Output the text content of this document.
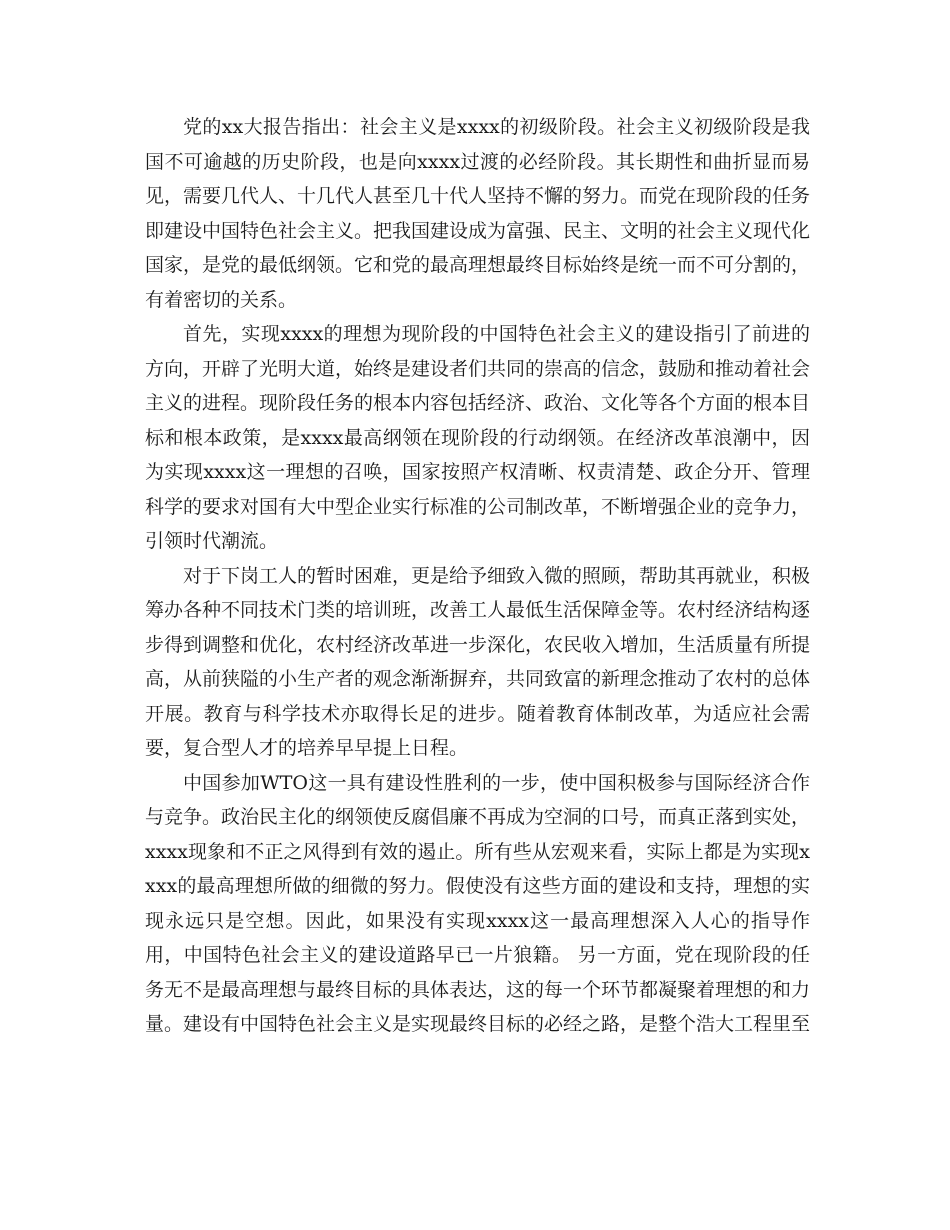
党的xx大报告指出：社会主义是xxxx的初级阶段。社会主义初级阶段是我国不可逾越的历史阶段，也是向xxxx过渡的必经阶段。其长期性和曲折显而易见，需要几代人、十几代人甚至几十代人坚持不懈的努力。而党在现阶段的任务即建设中国特色社会主义。把我国建设成为富强、民主、文明的社会主义现代化国家，是党的最低纲领。它和党的最高理想最终目标始终是统一而不可分割的，有着密切的关系。

首先，实现xxxx的理想为现阶段的中国特色社会主义的建设指引了前进的方向，开辟了光明大道，始终是建设者们共同的崇高的信念，鼓励和推动着社会主义的进程。现阶段任务的根本内容包括经济、政治、文化等各个方面的根本目标和根本政策，是xxxx最高纲领在现阶段的行动纲领。在经济改革浪潮中，因为实现xxxx这一理想的召唤，国家按照产权清晰、权责清楚、政企分开、管理科学的要求对国有大中型企业实行标准的公司制改革，不断增强企业的竞争力，引领时代潮流。

对于下岗工人的暂时困难，更是给予细致入微的照顾，帮助其再就业，积极筹办各种不同技术门类的培训班，改善工人最低生活保障金等。农村经济结构逐步得到调整和优化，农村经济改革进一步深化，农民收入增加，生活质量有所提高，从前狭隘的小生产者的观念渐渐摒弃，共同致富的新理念推动了农村的总体开展。教育与科学技术亦取得长足的进步。随着教育体制改革，为适应社会需要，复合型人才的培养早早提上日程。

中国参加WTO这一具有建设性胜利的一步，使中国积极参与国际经济合作与竞争。政治民主化的纲领使反腐倡廉不再成为空洞的口号，而真正落到实处，xxxx现象和不正之风得到有效的遏止。所有些从宏观来看，实际上都是为实现xxxx的最高理想所做的细微的努力。假使没有这些方面的建设和支持，理想的实现永远只是空想。因此，如果没有实现xxxx这一最高理想深入人心的指导作用，中国特色社会主义的建设道路早已一片狼籍。 另一方面，党在现阶段的任务无不是最高理想与最终目标的具体表达，这的每一个环节都凝聚着理想的和力量。建设有中国特色社会主义是实现最终目标的必经之路，是整个浩大工程里至
